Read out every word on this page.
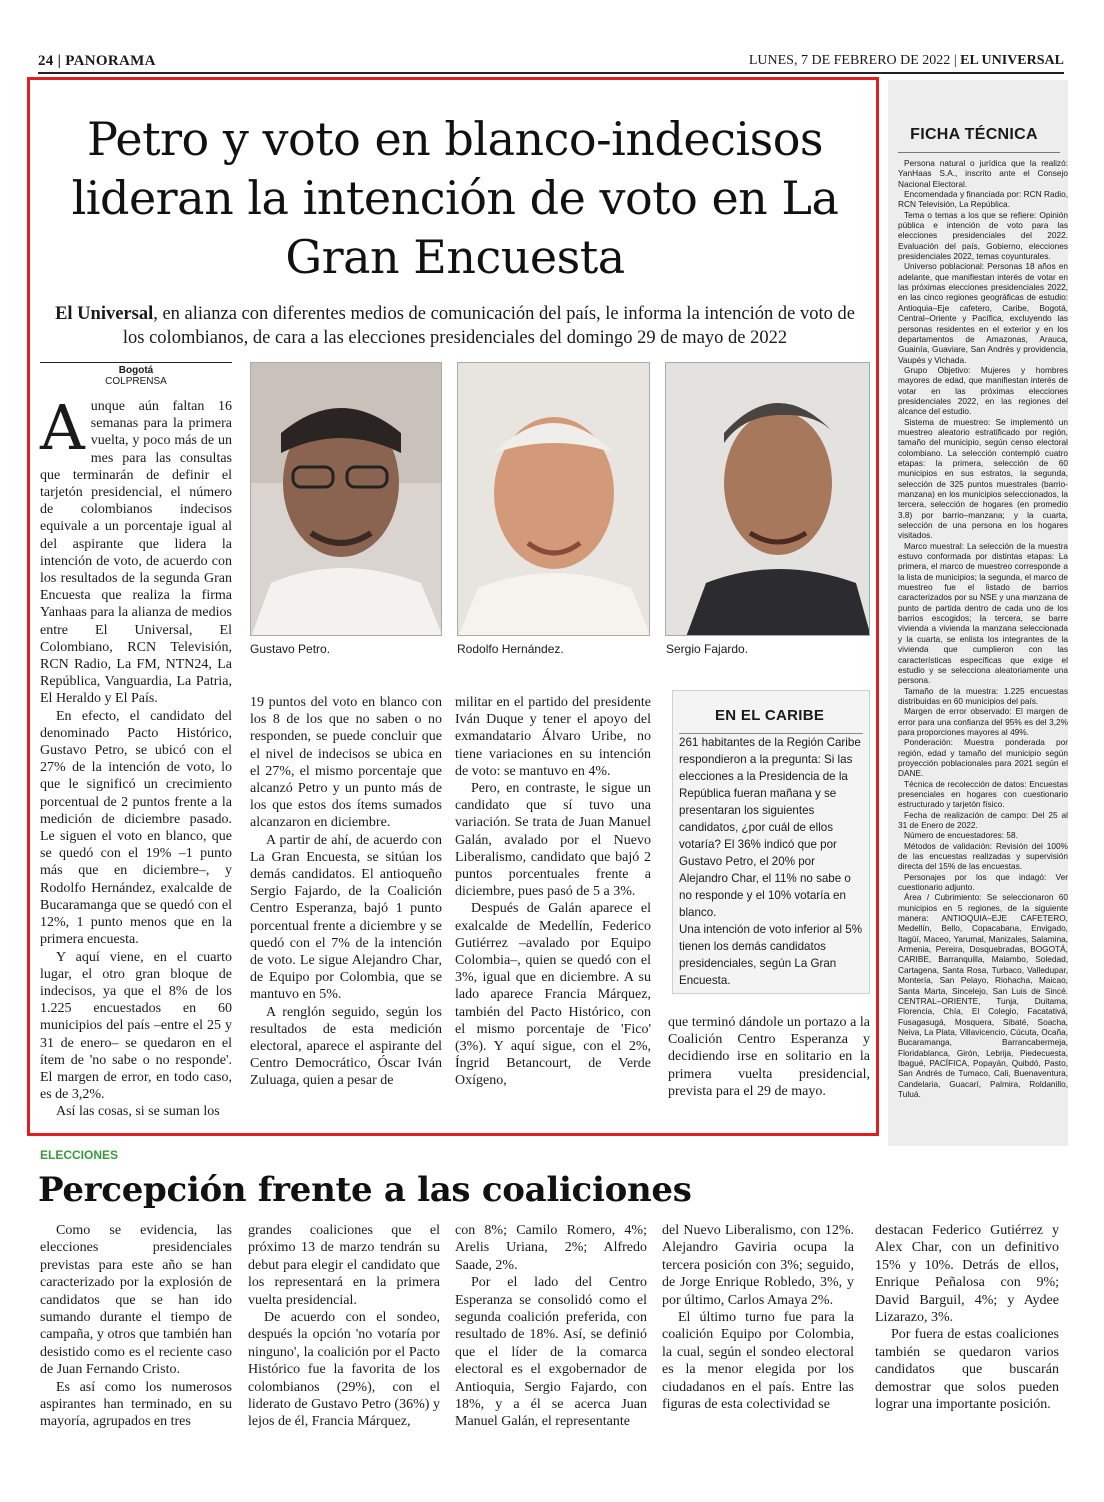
24 | PANORAMA	LUNES, 7 DE FEBRERO DE 2022 | EL UNIVERSAL
Petro y voto en blanco-indecisos lideran la intención de voto en La Gran Encuesta
El Universal, en alianza con diferentes medios de comunicación del país, le informa la intención de voto de los colombianos, de cara a las elecciones presidenciales del domingo 29 de mayo de 2022
Bogotá
COLPRENSA

Aunque aún faltan 16 semanas para la primera vuelta, y poco más de un mes para las consultas que terminarán de definir el tarjetón presidencial, el número de colombianos indecisos equivale a un porcentaje igual al del aspirante que lidera la intención de voto, de acuerdo con los resultados de la segunda Gran Encuesta que realiza la firma Yanhaas para la alianza de medios entre El Universal, El Colombiano, RCN Televisión, RCN Radio, La FM, NTN24, La República, Vanguardia, La Patria, El Heraldo y El País.

En efecto, el candidato del denominado Pacto Histórico, Gustavo Petro, se ubicó con el 27% de la intención de voto, lo que le significó un crecimiento porcentual de 2 puntos frente a la medición de diciembre pasado. Le siguen el voto en blanco, que se quedó con el 19% –1 punto más que en diciembre–, y Rodolfo Hernández, exalcalde de Bucaramanga que se quedó con el 12%, 1 punto menos que en la primera encuesta.

Y aquí viene, en el cuarto lugar, el otro gran bloque de indecisos, ya que el 8% de los 1.225 encuestados en 60 municipios del país –entre el 25 y 31 de enero– se quedaron en el ítem de 'no sabe o no responde'. El margen de error, en todo caso, es de 3,2%.

Así las cosas, si se suman los

Gustavo Petro.	Rodolfo Hernández.	Sergio Fajardo.

19 puntos del voto en blanco con los 8 de los que no saben o no responden, se puede concluir que el nivel de indecisos se ubica en el 27%, el mismo porcentaje que alcanzó Petro y un punto más de los que estos dos ítems sumados alcanzaron en diciembre.

A partir de ahí, de acuerdo con La Gran Encuesta, se sitúan los demás candidatos. El antioqueño Sergio Fajardo, de la Coalición Centro Esperanza, bajó 1 punto porcentual frente a diciembre y se quedó con el 7% de la intención de voto. Le sigue Alejandro Char, de Equipo por Colombia, que se mantuvo en 5%.

A renglón seguido, según los resultados de esta medición electoral, aparece el aspirante del Centro Democrático, Óscar Iván Zuluaga, quien a pesar de

militar en el partido del presidente Iván Duque y tener el apoyo del exmandatario Álvaro Uribe, no tiene variaciones en su intención de voto: se mantuvo en 4%.

Pero, en contraste, le sigue un candidato que sí tuvo una variación. Se trata de Juan Manuel Galán, avalado por el Nuevo Liberalismo, candidato que bajó 2 puntos porcentuales frente a diciembre, pues pasó de 5 a 3%.

Después de Galán aparece el exalcalde de Medellín, Federico Gutiérrez –avalado por Equipo Colombia–, quien se quedó con el 3%, igual que en diciembre. A su lado aparece Francia Márquez, también del Pacto Histórico, con el mismo porcentaje de 'Fico' (3%). Y aquí sigue, con el 2%, Íngrid Betancourt, de Verde Oxígeno,

EN EL CARIBE

261 habitantes de la Región Caribe respondieron a la pregunta: Si las elecciones a la Presidencia de la República fueran mañana y se presentaran los siguientes candidatos, ¿por cuál de ellos votaría? El 36% indicó que por Gustavo Petro, el 20% por Alejandro Char, el 11% no sabe o no responde y el 10% votaría en blanco.

Una intención de voto inferior al 5% tienen los demás candidatos presidenciales, según La Gran Encuesta.

que terminó dándole un portazo a la Coalición Centro Esperanza y decidiendo irse en solitario en la primera vuelta presidencial, prevista para el 29 de mayo.

FICHA TÉCNICA

Persona natural o jurídica que la realizó: YanHaas S.A., inscrito ante el Consejo Nacional Electoral.

Encomendada y financiada por: RCN Radio, RCN Televisión, La República.

Tema o temas a los que se refiere: Opinión pública e intención de voto para las elecciones presidenciales del 2022. Evaluación del país, Gobierno, elecciones presidenciales 2022, temas coyunturales.

Universo poblacional: Personas 18 años en adelante, que manifiestan interés de votar en las próximas elecciones presidenciales 2022, en las cinco regiones geográficas de estudio: Antioquia–Eje cafetero, Caribe, Bogotá, Central–Oriente y Pacífica, excluyendo las personas residentes en el exterior y en los departamentos de Amazonas, Arauca, Guainía, Guaviare, San Andrés y providencia, Vaupés y Vichada.

Grupo Objetivo: Mujeres y hombres mayores de edad, que manifiestan interés de votar en las próximas elecciones presidenciales 2022, en las regiones del alcance del estudio.

Sistema de muestreo: Se implementó un muestreo aleatorio estratificado por región, tamaño del municipio, según censo electoral colombiano. La selección contempló cuatro etapas: la primera, selección de 60 municipios en sus estratos, la segunda, selección de 325 puntos muestrales (barrio-manzana) en los municipios seleccionados, la tercera, selección de hogares (en promedio 3.8) por barrio–manzana; y la cuarta, selección de una persona en los hogares visitados.

Marco muestral: La selección de la muestra estuvo conformada por distintas etapas: La primera, el marco de muestreo corresponde a la lista de municipios; la segunda, el marco de muestreo fue el listado de barrios caracterizados por su NSE y una manzana de punto de partida dentro de cada uno de los barrios escogidos; la tercera, se barre vivienda a vivienda la manzana seleccionada y la cuarta, se enlista los integrantes de la vivienda que cumplieron con las características específicas que exige el estudio y se selecciona aleatoriamente una persona.

Tamaño de la muestra: 1.225 encuestas distribuidas en 60 municipios del país.

Margen de error observado: El margen de error para una confianza del 95% es del 3,2% para proporciones mayores al 49%.

Ponderación: Muestra ponderada por región, edad y tamaño del municipio según proyección poblacionales para 2021 según el DANE.

Técnica de recolección de datos: Encuestas presenciales en hogares con cuestionario estructurado y tarjetón físico.

Fecha de realización de campo: Del 25 al 31 de Enero de 2022.

Número de encuestadores: 58.

Métodos de validación: Revisión del 100% de las encuestas realizadas y supervisión directa del 15% de las encuestas.

Personajes por los que indagó: Ver cuestionario adjunto.

Área / Cubrimiento: Se seleccionaron 60 municipios en 5 regiones, de la siguiente manera: ANTIOQUIA–EJE CAFETERO, Medellín, Bello, Copacabana, Envigado, Itagüí, Maceo, Yarumal, Manizales, Salamina, Armenia, Pereira, Dosquebradas, BOGOTÁ, CARIBE, Barranquilla, Malambo, Soledad, Cartagena, Santa Rosa, Turbaco, Valledupar, Montería, San Pelayo, Riohacha, Maicao, Santa Marta, Sincelejo, San Luis de Sincé. CENTRAL–ORIENTE, Tunja, Duitama, Florencia, Chía, El Colegio, Facatativá, Fusagasugá, Mosquera, Sibaté, Soacha, Neiva, La Plata, Villavicencio, Cúcuta, Ocaña, Bucaramanga, Barrancabermeja, Floridablanca, Girón, Lebrija, Piedecuesta, Ibagué, PACÍFICA, Popayán, Quibdó, Pasto, San Andrés de Tumaco, Cali, Buenaventura, Candelaria, Guacarí, Palmira, Roldanillo, Tuluá.

ELECCIONES
Percepción frente a las coaliciones

Como se evidencia, las elecciones presidenciales previstas para este año se han caracterizado por la explosión de candidatos que se han ido sumando durante el tiempo de campaña, y otros que también han desistido como es el reciente caso de Juan Fernando Cristo.

Es así como los numerosos aspirantes han terminado, en su mayoría, agrupados en tres

grandes coaliciones que el próximo 13 de marzo tendrán su debut para elegir el candidato que los representará en la primera vuelta presidencial.

De acuerdo con el sondeo, después la opción 'no votaría por ninguno', la coalición por el Pacto Histórico fue la favorita de los colombianos (29%), con el liderato de Gustavo Petro (36%) y lejos de él, Francia Márquez,

con 8%; Camilo Romero, 4%; Arelis Uriana, 2%; Alfredo Saade, 2%.

Por el lado del Centro Esperanza se consolidó como el segunda coalición preferida, con resultado de 18%. Así, se definió que el líder de la comarca electoral es el exgobernador de Antioquia, Sergio Fajardo, con 18%, y a él se acerca Juan Manuel Galán, el representante

del Nuevo Liberalismo, con 12%. Alejandro Gaviria ocupa la tercera posición con 3%; seguido, de Jorge Enrique Robledo, 3%, y por último, Carlos Amaya 2%.

El último turno fue para la coalición Equipo por Colombia, la cual, según el sondeo electoral es la menor elegida por los ciudadanos en el país. Entre las figuras de esta colectividad se

destacan Federico Gutiérrez y Alex Char, con un definitivo 15% y 10%. Detrás de ellos, Enrique Peñalosa con 9%; David Barguil, 4%; y Aydee Lizarazo, 3%.

Por fuera de estas coaliciones también se quedaron varios candidatos que buscarán demostrar que solos pueden lograr una importante posición.
